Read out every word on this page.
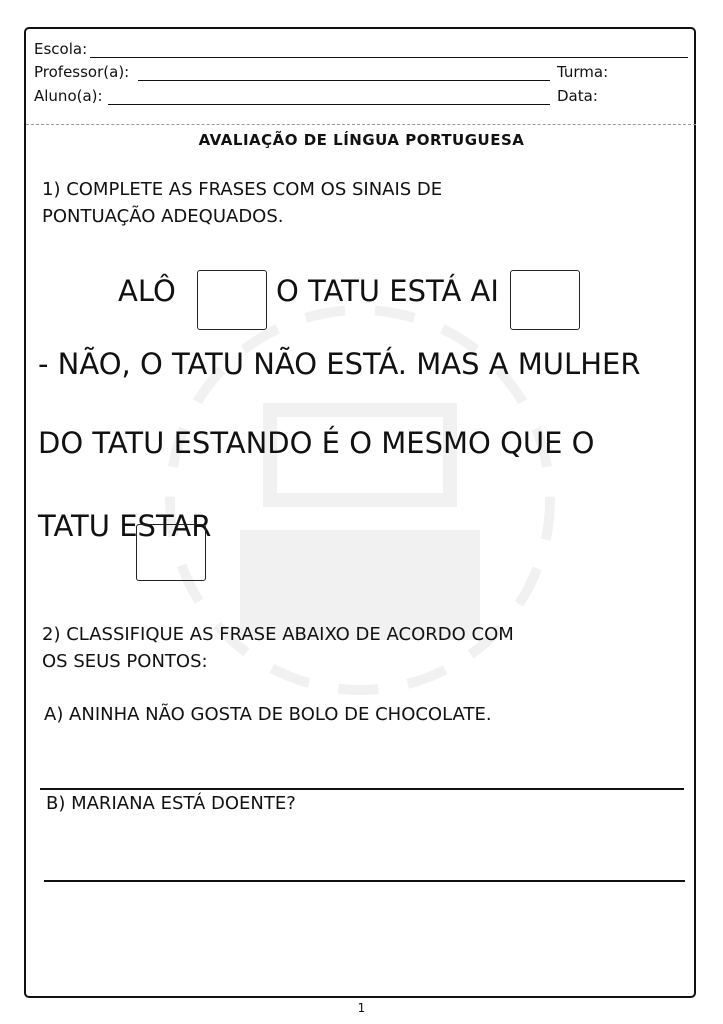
Escola:
Professor(a):	Turma:
Aluno(a):	Data:
AVALIAÇÃO DE LÍNGUA PORTUGUESA
1) COMPLETE AS FRASES COM OS SINAIS DE
PONTUAÇÃO ADEQUADOS.
ALÔ	O TATU ESTÁ AI
- NÃO, O TATU NÃO ESTÁ. MAS A MULHER
DO TATU ESTANDO É O MESMO QUE O
TATU ESTAR
2) CLASSIFIQUE AS FRASE ABAIXO DE ACORDO COM
OS SEUS PONTOS:
A) ANINHA NÃO GOSTA DE BOLO DE CHOCOLATE.
B) MARIANA ESTÁ DOENTE?
1
